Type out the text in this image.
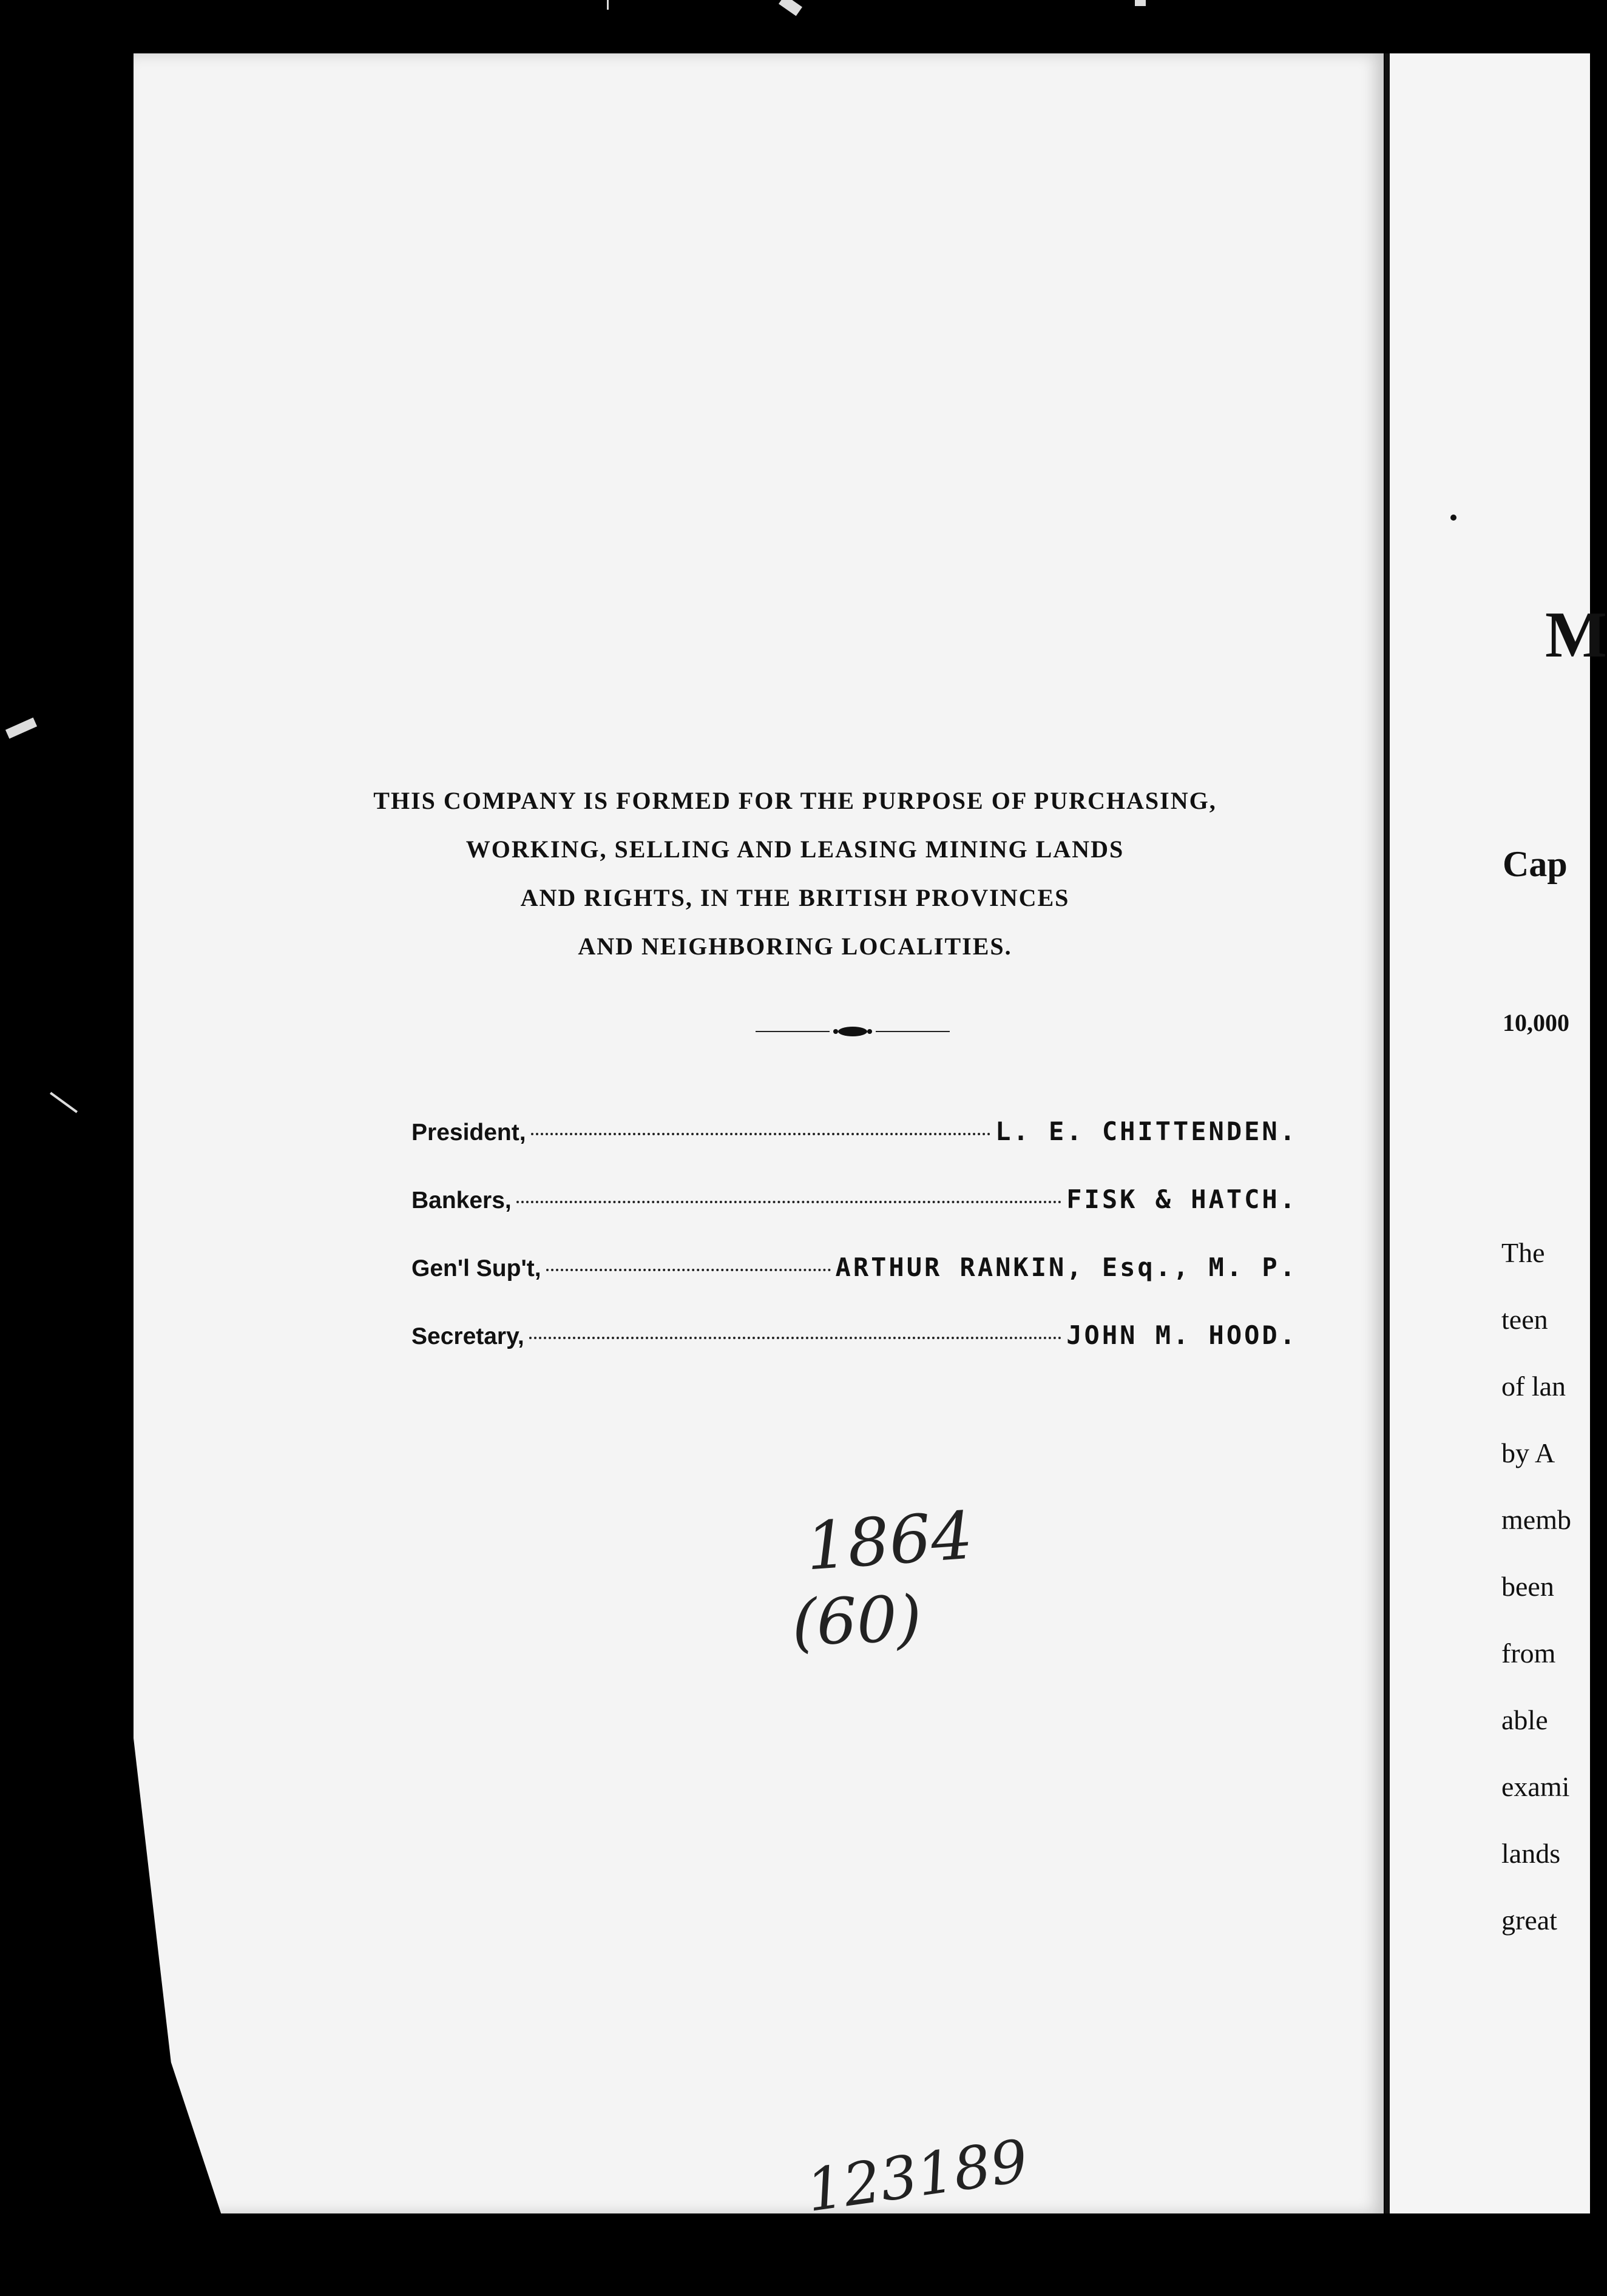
THIS COMPANY IS FORMED FOR THE PURPOSE OF PURCHASING,
WORKING, SELLING AND LEASING MINING LANDS
AND RIGHTS, IN THE BRITISH PROVINCES
AND NEIGHBORING LOCALITIES.
President,	L. E. CHITTENDEN.
Bankers,	FISK & HATCH.
Gen'l Sup't,	ARTHUR RANKIN, Esq., M. P.
Secretary,	JOHN M. HOOD.
1864
(60)
123189
M
Cap
10,000
The
teen
of lan
by A
memb
been
from
able
exami
lands
great
